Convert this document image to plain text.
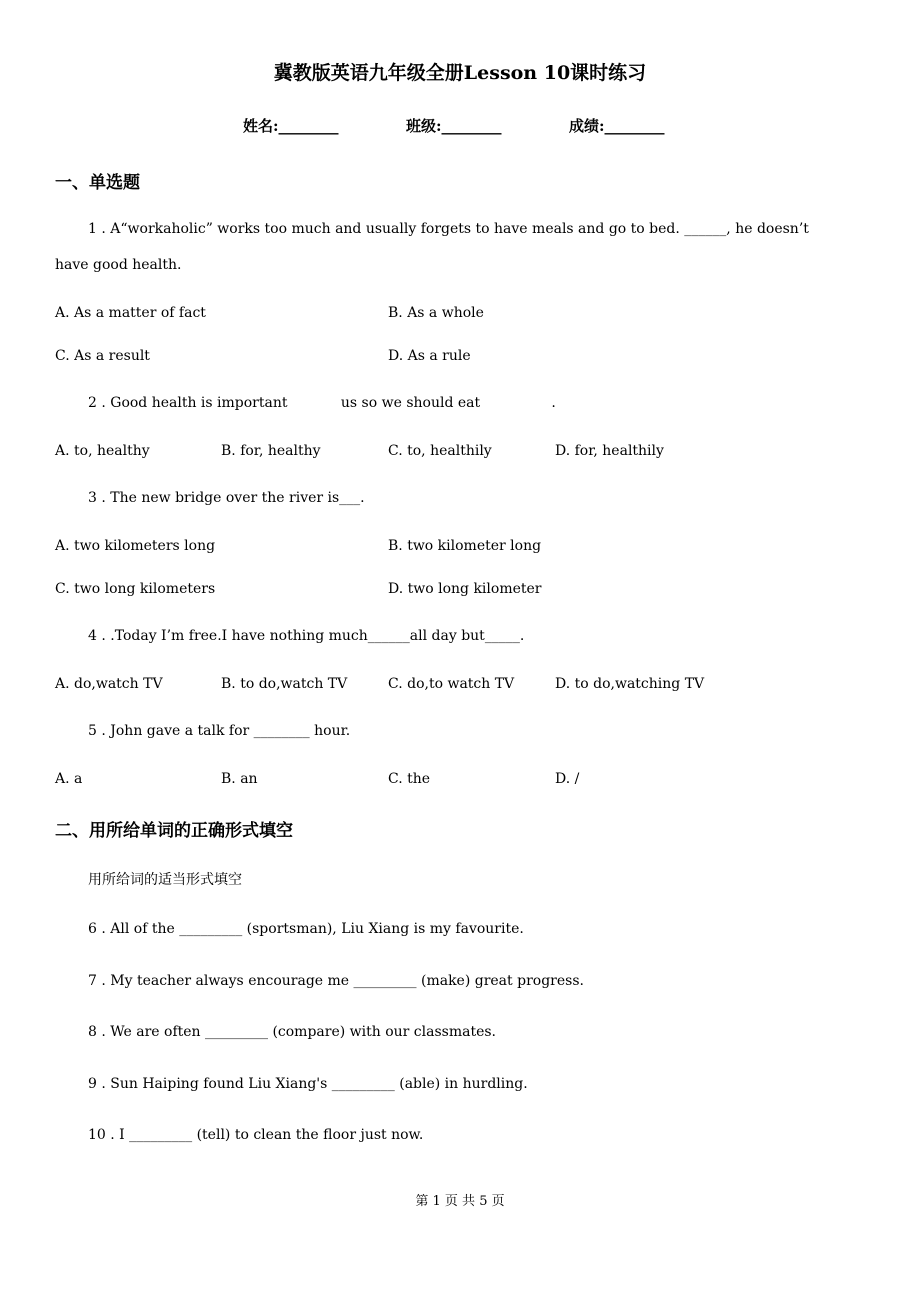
冀教版英语九年级全册Lesson 10课时练习
姓名:________	班级:________	成绩:________
一、单选题
1 . A“workaholic” works too much and usually forgets to have meals and go to bed. ______, he doesn’t
have good health.
A. As a matter of fact	B. As a whole
C. As a result	D. As a rule
2 . Good health is important            us so we should eat                .
A. to, healthy	B. for, healthy	C. to, healthily	D. for, healthily
3 . The new bridge over the river is___.
A. two kilometers long	B. two kilometer long
C. two long kilometers	D. two long kilometer
4 . .Today I’m free.I have nothing much______all day but_____.
A. do,watch TV	B. to do,watch TV	C. do,to watch TV	D. to do,watching TV
5 . John gave a talk for ________ hour.
A. a	B. an	C. the	D. /
二、用所给单词的正确形式填空
用所给词的适当形式填空
6 . All of the _________ (sportsman), Liu Xiang is my favourite.
7 . My teacher always encourage me _________ (make) great progress.
8 . We are often _________ (compare) with our classmates.
9 . Sun Haiping found Liu Xiang's _________ (able) in hurdling.
10 . I _________ (tell) to clean the floor just now.
第 1 页 共 5 页
